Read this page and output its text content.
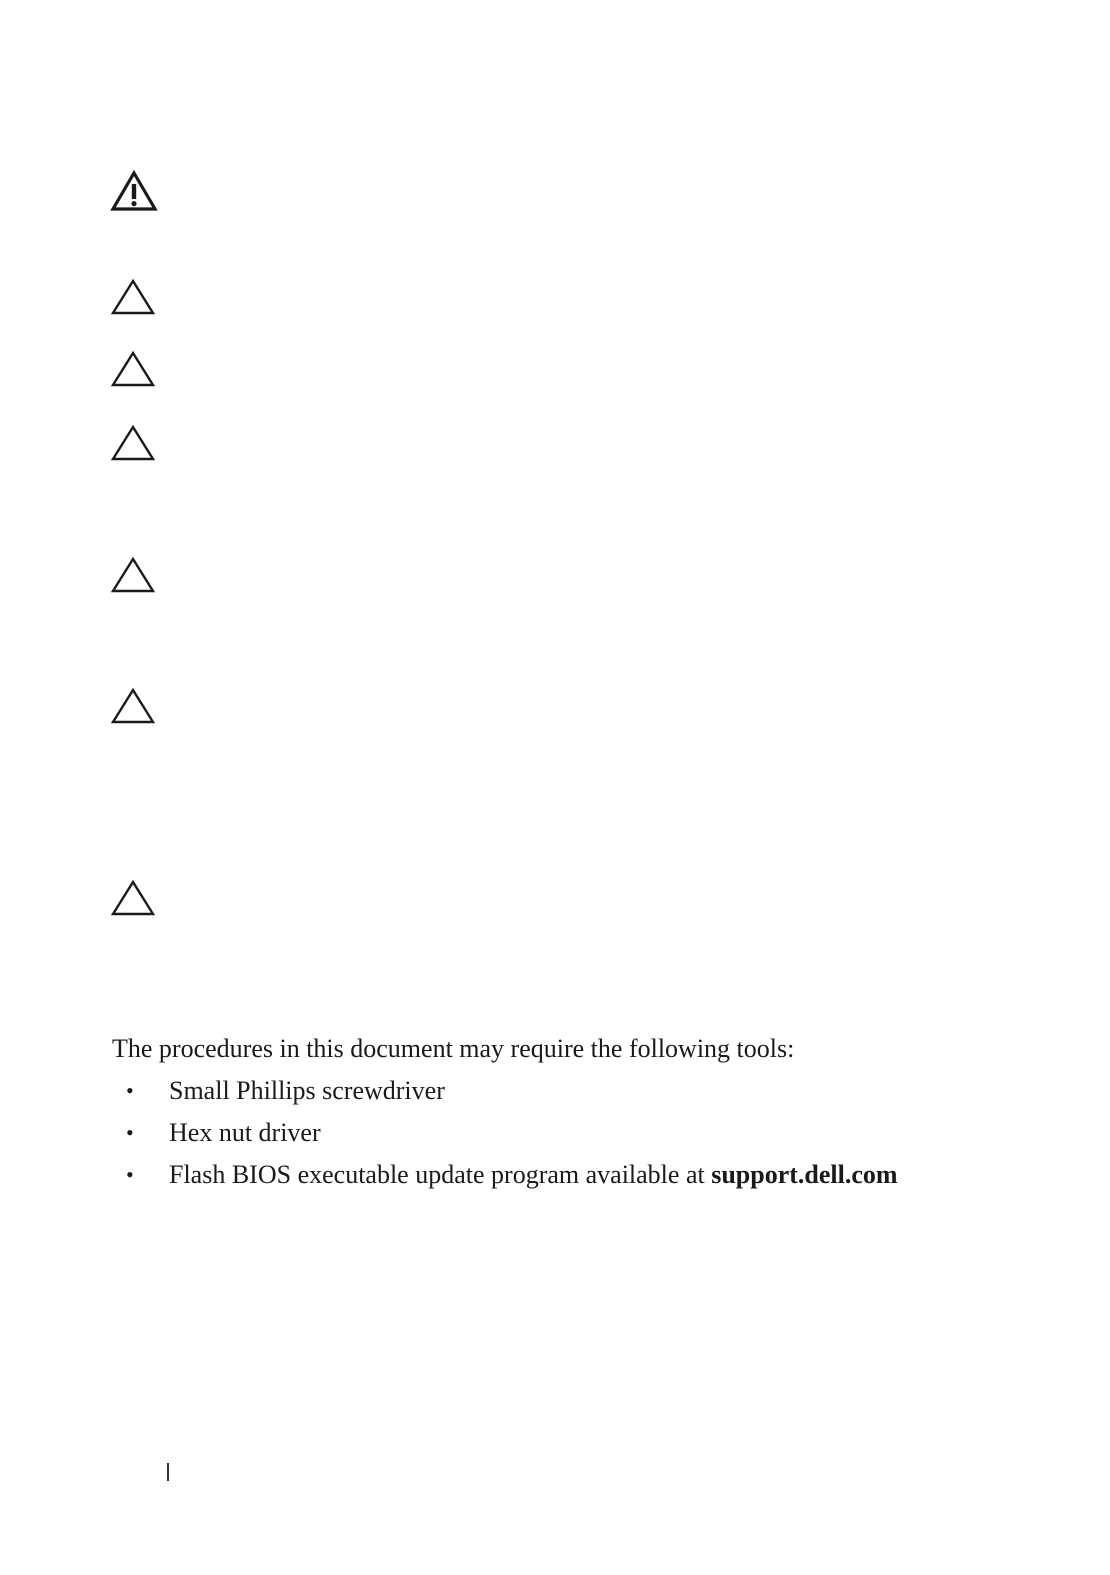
The procedures in this document may require the following tools:

• Small Phillips screwdriver
• Hex nut driver
• Flash BIOS executable update program available at support.dell.com
